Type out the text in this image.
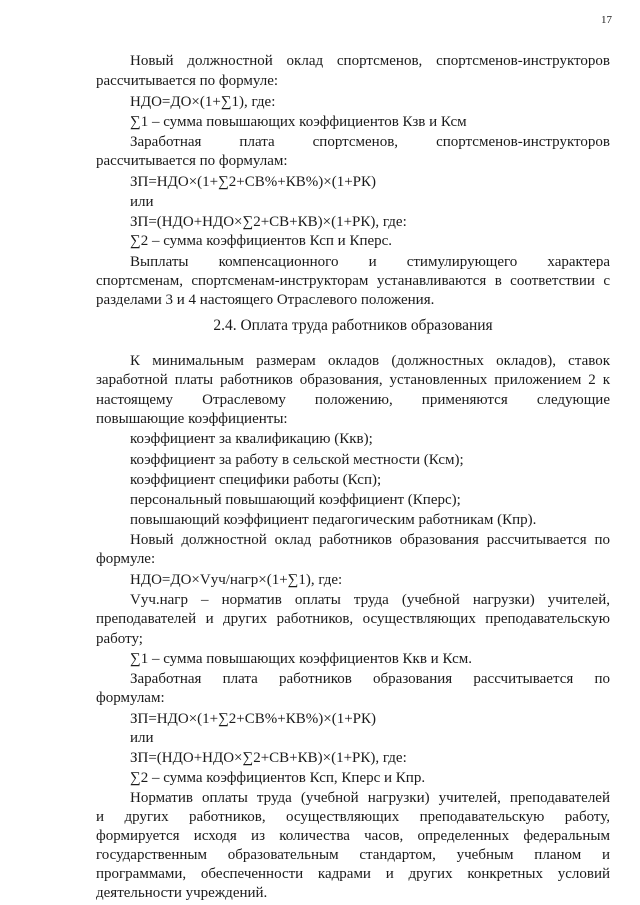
17
Новый должностной оклад спортсменов, спортсменов-инструкторов
рассчитывается по формуле:
НДО=ДО×(1+∑1), где:
∑1 – сумма повышающих коэффициентов Кзв и Ксм
Заработная плата спортсменов, спортсменов-инструкторов
рассчитывается по формулам:
ЗП=НДО×(1+∑2+СВ%+КВ%)×(1+РК)
или
ЗП=(НДО+НДО×∑2+СВ+КВ)×(1+РК), где:
∑2 – сумма коэффициентов Ксп и Кперс.
Выплаты компенсационного и стимулирующего характера
спортсменам, спортсменам-инструкторам устанавливаются в соответствии с
разделами 3 и 4 настоящего Отраслевого положения.
2.4. Оплата труда работников образования
К минимальным размерам окладов (должностных окладов), ставок
заработной платы работников образования, установленных приложением 2 к
настоящему Отраслевому положению, применяются следующие
повышающие коэффициенты:
коэффициент за квалификацию (Ккв);
коэффициент за работу в сельской местности (Ксм);
коэффициент специфики работы (Ксп);
персональный повышающий коэффициент (Кперс);
повышающий коэффициент педагогическим работникам (Кпр).
Новый должностной оклад работников образования рассчитывается по
формуле:
НДО=ДО×Vуч/нагр×(1+∑1), где:
Vуч.нагр – норматив оплаты труда (учебной нагрузки) учителей,
преподавателей и других работников, осуществляющих преподавательскую
работу;
∑1 – сумма повышающих коэффициентов Ккв и Ксм.
Заработная плата работников образования рассчитывается по
формулам:
ЗП=НДО×(1+∑2+СВ%+КВ%)×(1+РК)
или
ЗП=(НДО+НДО×∑2+СВ+КВ)×(1+РК), где:
∑2 – сумма коэффициентов Ксп, Кперс и Кпр.
Норматив оплаты труда (учебной нагрузки) учителей, преподавателей
и других работников, осуществляющих преподавательскую работу,
формируется исходя из количества часов, определенных федеральным
государственным образовательным стандартом, учебным планом и
программами, обеспеченности кадрами и других конкретных условий
деятельности учреждений.
